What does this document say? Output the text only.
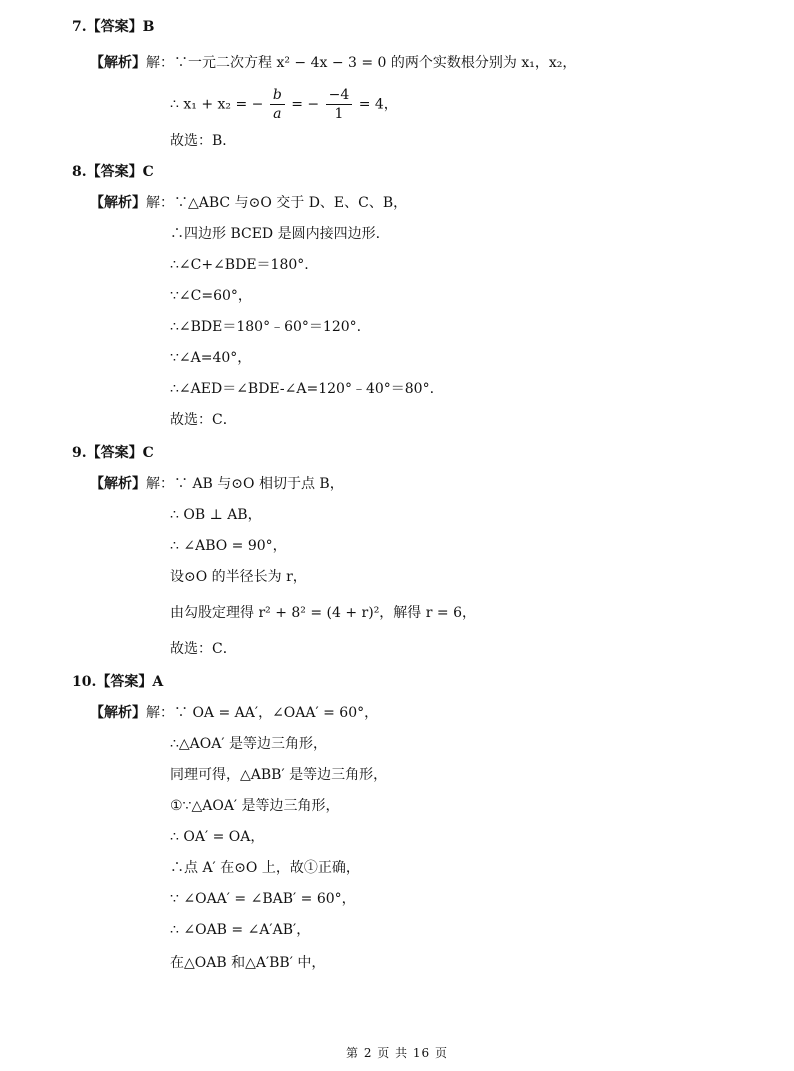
7.【答案】B
【解析】解：∵一元二次方程 x² − 4x − 3 = 0 的两个实数根分别为 x₁，x₂，
∴ x₁ + x₂ = − $\frac{b}{a}$ = − $\frac{-4}{1} = 4$，
故选：B．
8.【答案】C
【解析】解：∵△ABC 与⊙O 交于 D、E、C、B，
∴四边形 BCED 是圆内接四边形.
∴∠C+∠BDE＝180°.
∵∠C=60°，
∴∠BDE＝180°﹣60°＝120°.
∵∠A=40°，
∴∠AED＝∠BDE-∠A=120°﹣40°＝80°.
故选：C．
9.【答案】C
【解析】解：∵ AB 与⊙O 相切于点 B，
∴ OB ⊥ AB，
∴ ∠ABO = 90°，
设⊙O 的半径长为 r，
由勾股定理得 r² + 8² = (4 + r)²，解得 r = 6，
故选：C．
10.【答案】A
【解析】解：∵ OA = AA′，∠OAA′ = 60°，
∴△AOA′ 是等边三角形，
同理可得，△ABB′ 是等边三角形，
①∵△AOA′ 是等边三角形，
∴ OA′ = OA，
∴点 A′ 在⊙O 上，故①正确，
∵ ∠OAA′ = ∠BAB′ = 60°，
∴ ∠OAB = ∠A′AB′，
在△OAB 和△A′BB′ 中，
第 2 页 共 16 页
